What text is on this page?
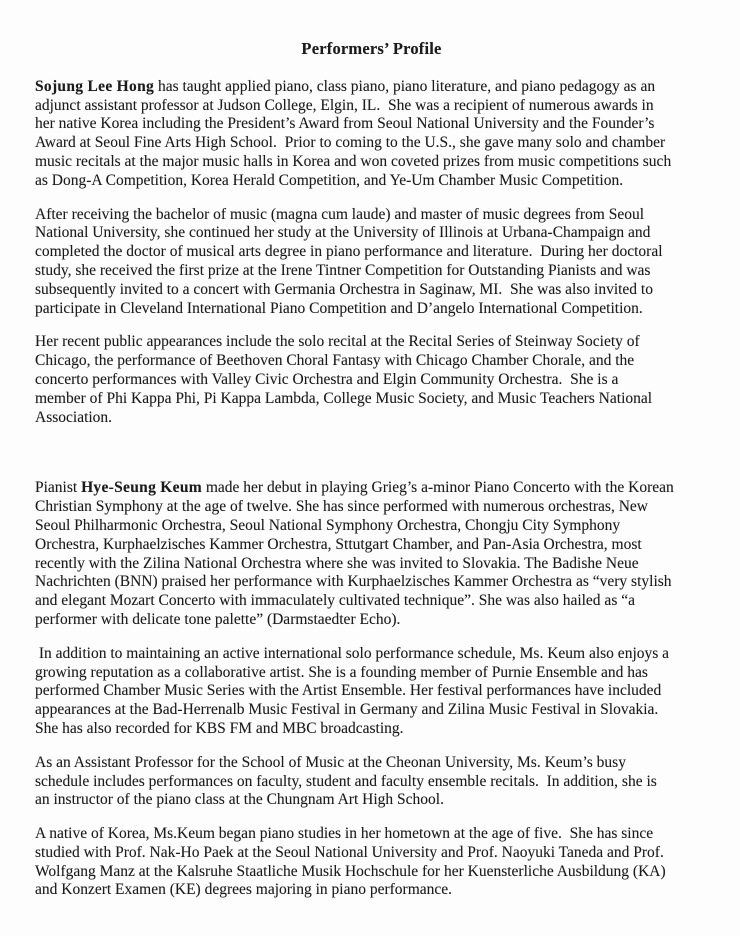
Performers’ Profile
Sojung Lee Hong has taught applied piano, class piano, piano literature, and piano pedagogy as an
adjunct assistant professor at Judson College, Elgin, IL.  She was a recipient of numerous awards in
her native Korea including the President’s Award from Seoul National University and the Founder’s
Award at Seoul Fine Arts High School.  Prior to coming to the U.S., she gave many solo and chamber
music recitals at the major music halls in Korea and won coveted prizes from music competitions such
as Dong-A Competition, Korea Herald Competition, and Ye-Um Chamber Music Competition.
After receiving the bachelor of music (magna cum laude) and master of music degrees from Seoul
National University, she continued her study at the University of Illinois at Urbana-Champaign and
completed the doctor of musical arts degree in piano performance and literature.  During her doctoral
study, she received the first prize at the Irene Tintner Competition for Outstanding Pianists and was
subsequently invited to a concert with Germania Orchestra in Saginaw, MI.  She was also invited to
participate in Cleveland International Piano Competition and D’angelo International Competition.
Her recent public appearances include the solo recital at the Recital Series of Steinway Society of
Chicago, the performance of Beethoven Choral Fantasy with Chicago Chamber Chorale, and the
concerto performances with Valley Civic Orchestra and Elgin Community Orchestra.  She is a
member of Phi Kappa Phi, Pi Kappa Lambda, College Music Society, and Music Teachers National
Association.
Pianist Hye-Seung Keum made her debut in playing Grieg’s a-minor Piano Concerto with the Korean
Christian Symphony at the age of twelve. She has since performed with numerous orchestras, New
Seoul Philharmonic Orchestra, Seoul National Symphony Orchestra, Chongju City Symphony
Orchestra, Kurphaelzisches Kammer Orchestra, Sttutgart Chamber, and Pan-Asia Orchestra, most
recently with the Zilina National Orchestra where she was invited to Slovakia. The Badishe Neue
Nachrichten (BNN) praised her performance with Kurphaelzisches Kammer Orchestra as “very stylish
and elegant Mozart Concerto with immaculately cultivated technique”. She was also hailed as “a
performer with delicate tone palette” (Darmstaedter Echo).
In addition to maintaining an active international solo performance schedule, Ms. Keum also enjoys a
growing reputation as a collaborative artist. She is a founding member of Purnie Ensemble and has
performed Chamber Music Series with the Artist Ensemble. Her festival performances have included
appearances at the Bad-Herrenalb Music Festival in Germany and Zilina Music Festival in Slovakia.
She has also recorded for KBS FM and MBC broadcasting.
As an Assistant Professor for the School of Music at the Cheonan University, Ms. Keum’s busy
schedule includes performances on faculty, student and faculty ensemble recitals.  In addition, she is
an instructor of the piano class at the Chungnam Art High School.
A native of Korea, Ms.Keum began piano studies in her hometown at the age of five.  She has since
studied with Prof. Nak-Ho Paek at the Seoul National University and Prof. Naoyuki Taneda and Prof.
Wolfgang Manz at the Kalsruhe Staatliche Musik Hochschule for her Kuensterliche Ausbildung (KA)
and Konzert Examen (KE) degrees majoring in piano performance.
